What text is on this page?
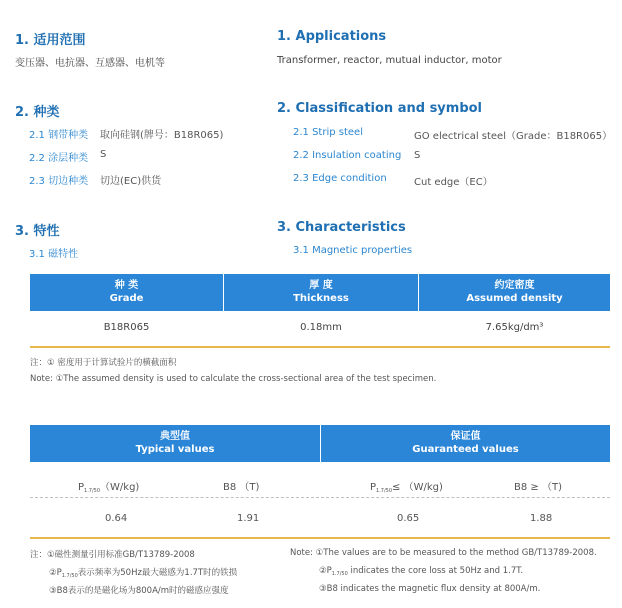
1. 适用范围
变压器、电抗器、互感器、电机等
1. Applications
Transformer, reactor, mutual inductor, motor
2. 种类	2. Classification and symbol
2.1 钢带种类 取向硅钢(牌号：B18R065)
2.2 涂层种类 S
2.3 切边种类 切边(EC)供货
2.1 Strip steel	GO electrical steel（Grade：B18R065）
2.2 Insulation coating S
2.3 Edge condition	Cut edge（EC）
3. 特性	3. Characteristics
3.1 磁特性	3.1 Magnetic properties
种 类
Grade
厚 度
Thickness
约定密度
Assumed density
B18R065	0.18mm	7.65kg/dm³
注：① 密度用于计算试验片的横截面积
Note: ①The assumed density is used to calculate the cross-sectional area of the test specimen.
典型值
Typical values
保证值
Guaranteed values
$P_{1.7/50}(W/kg)$	B8 （T)	$P_{1.7/50}\le (W/kg)$	B8 ≥ （T)
0.64	1.91	0.65	1.88
注：①磁性测量引用标准GB/T13789-2008
$②P_{1.7/50}$表示频率为50Hz最大磁感为1.7T时的铁损
③B8表示的是磁化场为800A/m时的磁感应强度
Note: ①The values are to be measured to the method GB/T13789-2008.
$②P_{1.7/50}$ indicates the core loss at 50Hz and 1.7T.
③B8 indicates the magnetic flux density at 800A/m.
